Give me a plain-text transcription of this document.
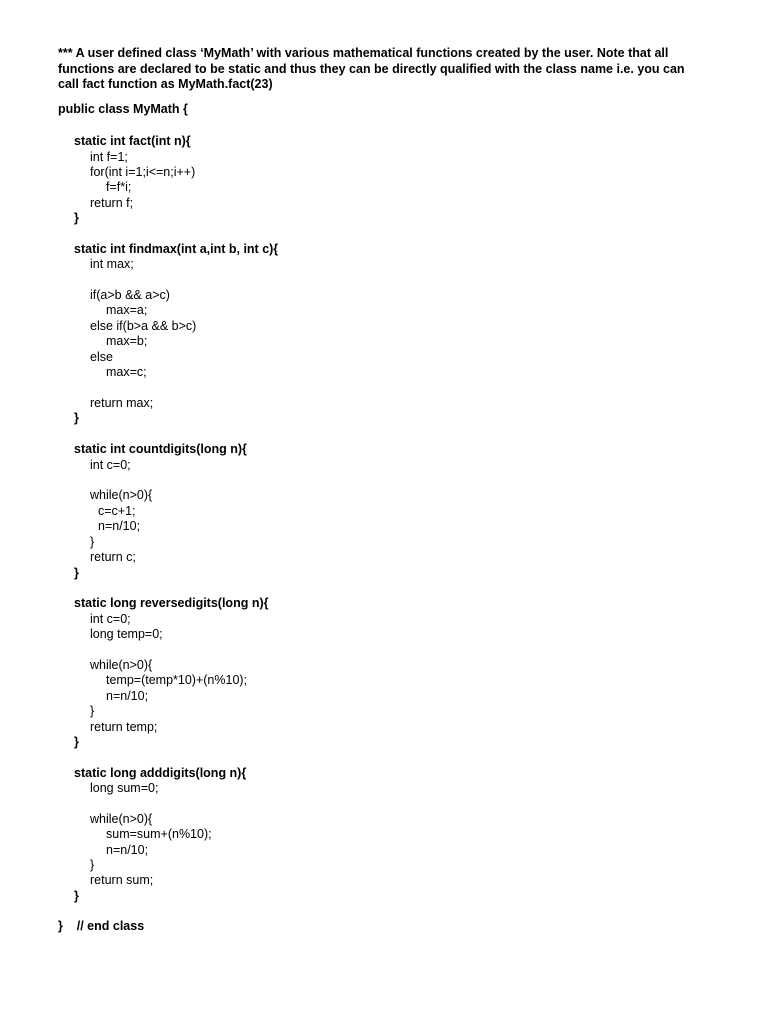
*** A user defined class ‘MyMath’ with various mathematical functions created by the user. Note that all
functions are declared to be static and thus they can be directly qualified with the class name i.e. you can
call fact function as MyMath.fact(23)
public class MyMath {
static int fact(int n){
int f=1;
for(int i=1;i<=n;i++)
f=f*i;
return f;
}
static int findmax(int a,int b, int c){
int max;
if(a>b && a>c)
max=a;
else if(b>a && b>c)
max=b;
else
max=c;
return max;
}
static int countdigits(long n){
int c=0;
while(n>0){
c=c+1;
n=n/10;
}
return c;
}
static long reversedigits(long n){
int c=0;
long temp=0;
while(n>0){
temp=(temp*10)+(n%10);
n=n/10;
}
return temp;
}
static long adddigits(long n){
long sum=0;
while(n>0){
sum=sum+(n%10);
n=n/10;
}
return sum;
}
}    // end class
